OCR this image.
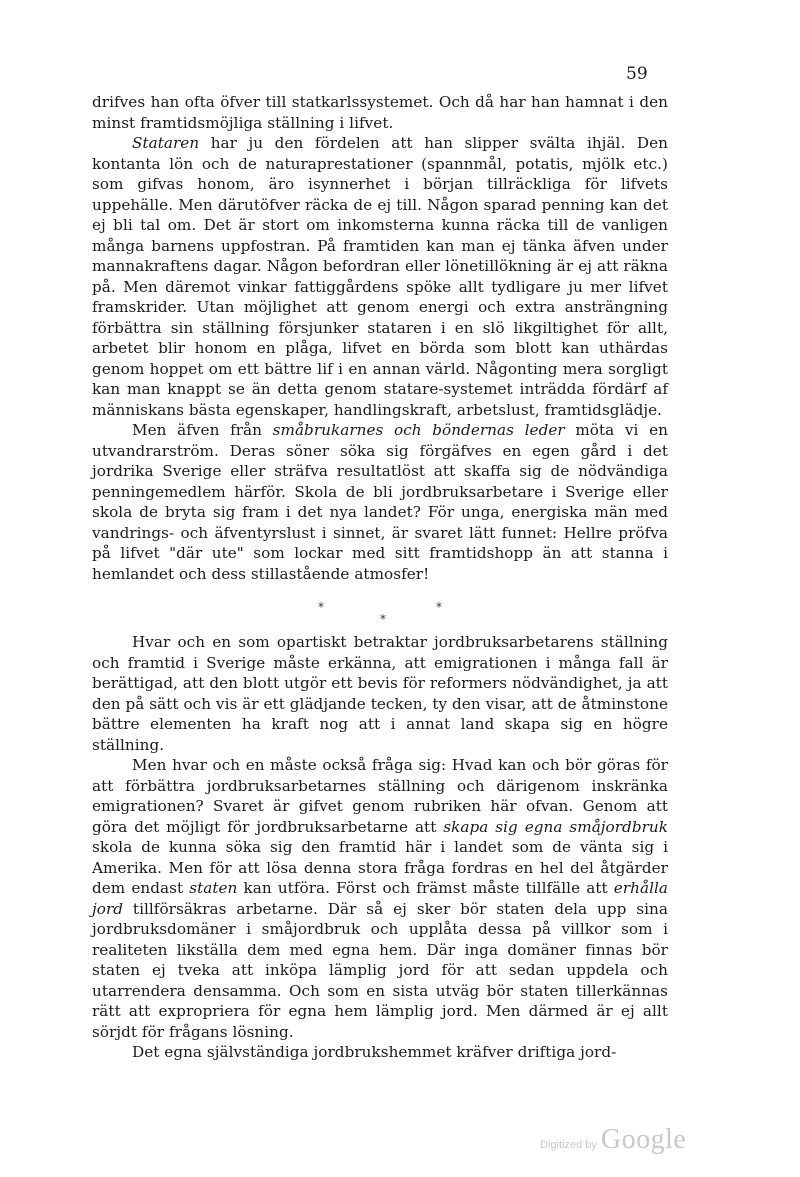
59

drifves han ofta öfver till statkarlssystemet. Och då har han hamnat i den minst framtidsmöjliga ställning i lifvet.

Stataren har ju den fördelen att han slipper svälta ihjäl. Den kontanta lön och de naturaprestationer (spannmål, potatis, mjölk etc.) som gifvas honom, äro isynnerhet i början tillräckliga för lifvets uppehälle. Men därutöfver räcka de ej till. Någon sparad penning kan det ej bli tal om. Det är stort om inkomsterna kunna räcka till de vanligen många barnens uppfostran. På framtiden kan man ej tänka äfven under mannakraftens dagar. Någon befordran eller lönetillökning är ej att räkna på. Men däremot vinkar fattiggårdens spöke allt tydligare ju mer lifvet framskrider. Utan möjlighet att genom energi och extra ansträngning förbättra sin ställning försjunker stataren i en slö likgiltighet för allt, arbetet blir honom en plåga, lifvet en börda som blott kan uthärdas genom hoppet om ett bättre lif i en annan värld. Någonting mera sorgligt kan man knappt se än detta genom statare-systemet inträdda fördärf af människans bästa egenskaper, handlingskraft, arbetslust, framtidsglädje.

Men äfven från småbrukarnes och böndernas leder möta vi en utvandrarström. Deras söner söka sig förgäfves en egen gård i det jordrika Sverige eller sträfva resultatlöst att skaffa sig de nödvändiga penningemedlem härför. Skola de bli jordbruksarbetare i Sverige eller skola de bryta sig fram i det nya landet? För unga, energiska män med vandrings- och äfventyrslust i sinnet, är svaret lätt funnet: Hellre pröfva på lifvet "där ute" som lockar med sitt framtidshopp än att stanna i hemlandet och dess stillastående atmosfer!

*
*
*

Hvar och en som opartiskt betraktar jordbruksarbetarens ställning och framtid i Sverige måste erkänna, att emigrationen i många fall är berättigad, att den blott utgör ett bevis för reformers nödvändighet, ja att den på sätt och vis är ett glädjande tecken, ty den visar, att de åtminstone bättre elementen ha kraft nog att i annat land skapa sig en högre ställning.

Men hvar och en måste också fråga sig: Hvad kan och bör göras för att förbättra jordbruksarbetarnes ställning och därigenom inskränka emigrationen? Svaret är gifvet genom rubriken här ofvan. Genom att göra det möjligt för jordbruksarbetarne att skapa sig egna småjordbruk skola de kunna söka sig den framtid här i landet som de vänta sig i Amerika. Men för att lösa denna stora fråga fordras en hel del åtgärder dem endast staten kan utföra. Först och främst måste tillfälle att erhålla jord tillförsäkras arbetarne. Där så ej sker bör staten dela upp sina jordbruksdomäner i småjordbruk och upplåta dessa på villkor som i realiteten likställa dem med egna hem. Där inga domäner finnas bör staten ej tveka att inköpa lämplig jord för att sedan uppdela och utarrendera densamma. Och som en sista utväg bör staten tillerkännas rätt att expropriera för egna hem lämplig jord. Men därmed är ej allt sörjdt för frågans lösning.

Det egna självständiga jordbrukshemmet kräfver driftiga jord-

Digitized by Google
